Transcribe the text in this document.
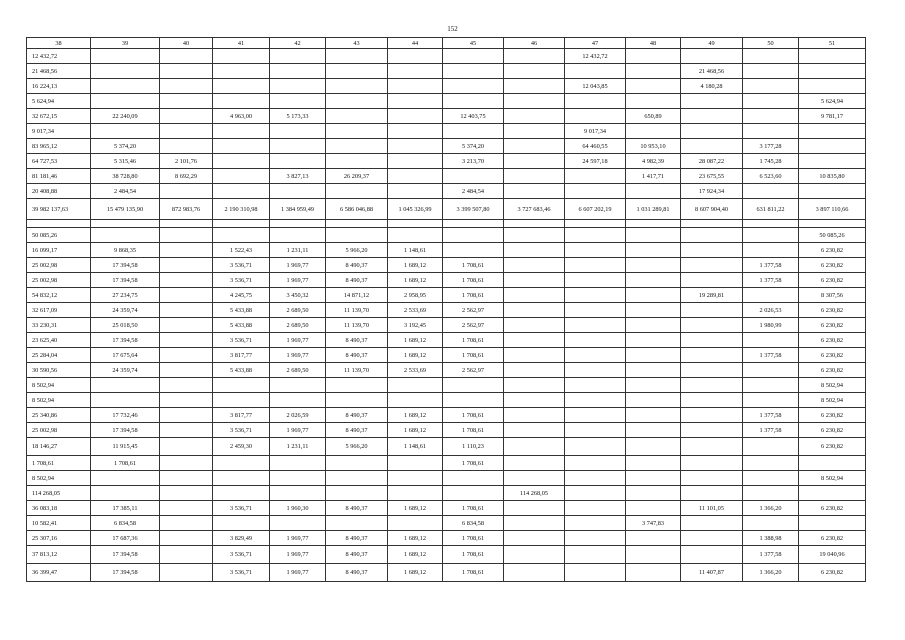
152
38	39	40	41	42	43	44	45	46	47	48	49	50	51
12 432,72									12 432,72				
21 468,56											21 468,56		
16 224,13									12 043,85		4 180,28		
5 624,94													5 624,94
32 672,15	22 240,09		4 963,00	5 173,33			12 403,75			650,89			9 781,17
9 017,34									9 017,34				
83 965,12	5 374,20						5 374,20		64 460,55	10 953,10		3 177,28	
64 727,53	5 315,46	2 101,76					3 213,70		24 597,18	4 982,39	28 087,22	1 745,28	
81 181,46	38 728,80	8 692,29		3 827,13	26 209,37					1 417,71	23 675,55	6 523,60	10 835,80
20 408,88	2 484,54						2 484,54				17 924,34		
39 982 137,63	15 479 135,90	872 983,76	2 190 310,98	1 384 959,49	6 586 046,88	1 045 326,99	3 399 507,80	3 727 683,46	6 607 202,19	1 031 289,81	8 607 904,40	631 811,22	3 897 110,66

50 085,26													50 085,26
16 099,17	9 868,35		1 522,43	1 231,11	5 966,20	1 148,61							6 230,82
25 002,98	17 394,58		3 536,71	1 969,77	8 490,37	1 689,12	1 708,61					1 377,58	6 230,82
25 002,98	17 394,58		3 536,71	1 969,77	8 490,37	1 689,12	1 708,61					1 377,58	6 230,82
54 832,12	27 234,75		4 245,75	3 450,32	14 871,12	2 958,95	1 708,61				19 289,81		8 307,56
32 617,09	24 359,74		5 433,88	2 689,50	11 139,70	2 533,69	2 562,97					2 026,53	6 230,82
33 230,31	25 018,50		5 433,88	2 689,50	11 139,70	3 192,45	2 562,97					1 980,99	6 230,82
23 625,40	17 394,58		3 536,71	1 969,77	8 490,37	1 689,12	1 708,61						6 230,82
25 284,04	17 675,64		3 817,77	1 969,77	8 490,37	1 689,12	1 708,61					1 377,58	6 230,82
30 590,56	24 359,74		5 433,88	2 689,50	11 139,70	2 533,69	2 562,97						6 230,82
8 502,94													8 502,94
8 502,94													8 502,94
25 340,86	17 732,46		3 817,77	2 026,59	8 490,37	1 689,12	1 708,61					1 377,58	6 230,82
25 002,98	17 394,58		3 536,71	1 969,77	8 490,37	1 689,12	1 708,61					1 377,58	6 230,82
18 146,27	11 915,45		2 459,30	1 231,11	5 966,20	1 148,61	1 110,23						6 230,82
1 708,61	1 708,61						1 708,61						
8 502,94													8 502,94
114 268,05								114 268,05					
36 083,18	17 385,11		3 536,71	1 960,30	8 490,37	1 689,12	1 708,61				11 101,05	1 366,20	6 230,82
10 582,41	6 834,58						6 834,58			3 747,83			
25 307,16	17 687,36		3 829,49	1 969,77	8 490,37	1 689,12	1 708,61					1 388,98	6 230,82
37 813,12	17 394,58		3 536,71	1 969,77	8 490,37	1 689,12	1 708,61					1 377,58	19 040,96
36 399,47	17 394,58		3 536,71	1 969,77	8 490,37	1 689,12	1 708,61				11 407,87	1 366,20	6 230,82
